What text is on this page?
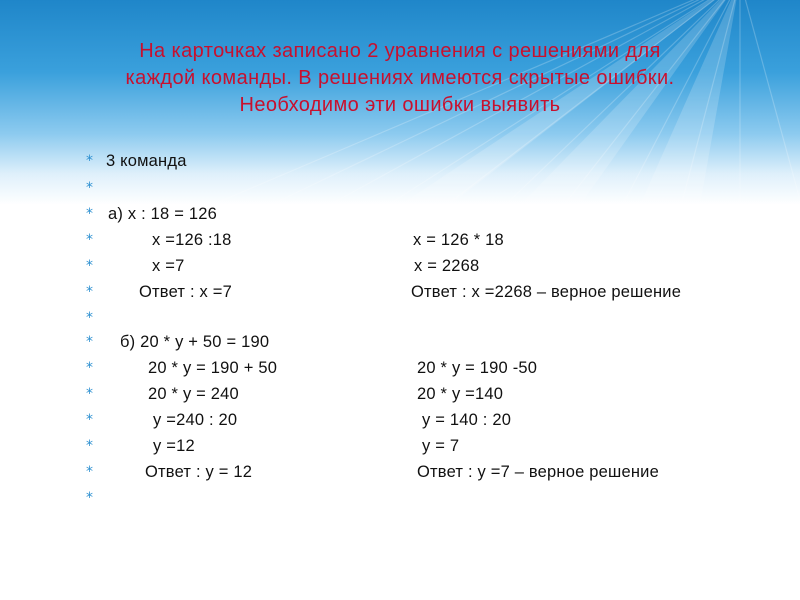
На карточках записано 2 уравнения с решениями для
каждой команды. В решениях имеются скрытые ошибки.
Необходимо эти ошибки выявить
* 3 команда
*
* а) x : 18 = 126
*	x =126 :18	x = 126 * 18
*	x =7	x = 2268
*	Ответ : x =7	Ответ : x =2268 – верное решение
*
* б) 20 * y + 50 = 190
*	20 * y = 190 + 50	20 * y = 190 -50
*	20 * y = 240	20 * y =140
*	y =240 : 20	y = 140 : 20
*	y =12	y = 7
*	Ответ : y = 12	Ответ : y =7 – верное решение
*
